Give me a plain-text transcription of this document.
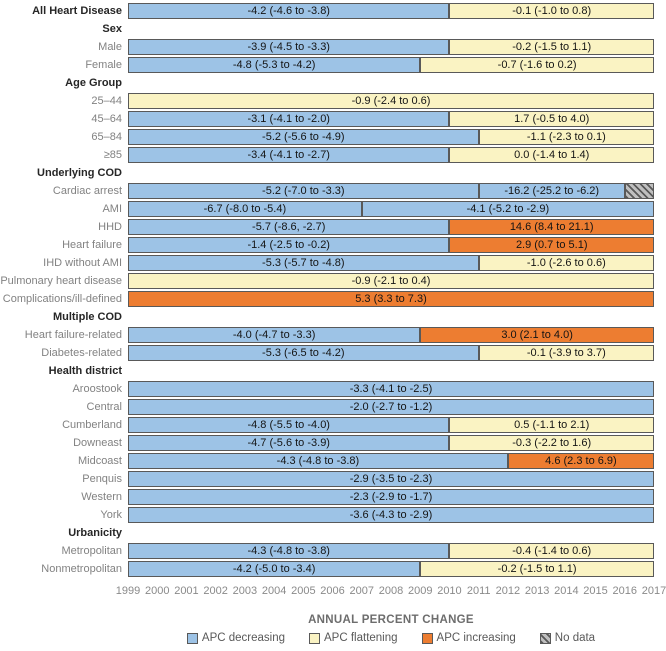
All Heart Disease	-4.2 (-4.6 to -3.8)	-0.1 (-1.0 to 0.8)
Sex
Male	-3.9 (-4.5 to -3.3)	-0.2 (-1.5 to 1.1)
Female	-4.8 (-5.3 to -4.2)	-0.7 (-1.6 to 0.2)
Age Group
25–44	-0.9 (-2.4 to 0.6)
45–64	-3.1 (-4.1 to -2.0)	1.7 (-0.5 to 4.0)
65–84	-5.2 (-5.6 to -4.9)	-1.1 (-2.3 to 0.1)
≥85	-3.4 (-4.1 to -2.7)	0.0 (-1.4 to 1.4)
Underlying COD
Cardiac arrest	-5.2 (-7.0 to -3.3)	-16.2 (-25.2 to -6.2)
AMI	-6.7 (-8.0 to -5.4)	-4.1 (-5.2 to -2.9)
HHD	-5.7 (-8.6, -2.7)	14.6 (8.4 to 21.1)
Heart failure	-1.4 (-2.5 to -0.2)	2.9 (0.7 to 5.1)
IHD without AMI	-5.3 (-5.7 to -4.8)	-1.0 (-2.6 to 0.6)
Pulmonary heart disease	-0.9 (-2.1 to 0.4)
Complications/ill-defined	5.3 (3.3 to 7.3)
Multiple COD
Heart failure-related	-4.0 (-4.7 to -3.3)	3.0 (2.1 to 4.0)
Diabetes-related	-5.3 (-6.5 to -4.2)	-0.1 (-3.9 to 3.7)
Health district
Aroostook	-3.3 (-4.1 to -2.5)
Central	-2.0 (-2.7 to -1.2)
Cumberland	-4.8 (-5.5 to -4.0)	0.5 (-1.1 to 2.1)
Downeast	-4.7 (-5.6 to -3.9)	-0.3 (-2.2 to 1.6)
Midcoast	-4.3 (-4.8 to -3.8)	4.6 (2.3 to 6.9)
Penquis	-2.9 (-3.5 to -2.3)
Western	-2.3 (-2.9 to -1.7)
York	-3.6 (-4.3 to -2.9)
Urbanicity
Metropolitan	-4.3 (-4.8 to -3.8)	-0.4 (-1.4 to 0.6)
Nonmetropolitan	-4.2 (-5.0 to -3.4)	-0.2 (-1.5 to 1.1)
1999 2000 2001 2002 2003 2004 2005 2006 2007 2008 2009 2010 2011 2012 2013 2014 2015 2016 2017
ANNUAL PERCENT CHANGE
APC decreasing	APC flattening	APC increasing	No data
